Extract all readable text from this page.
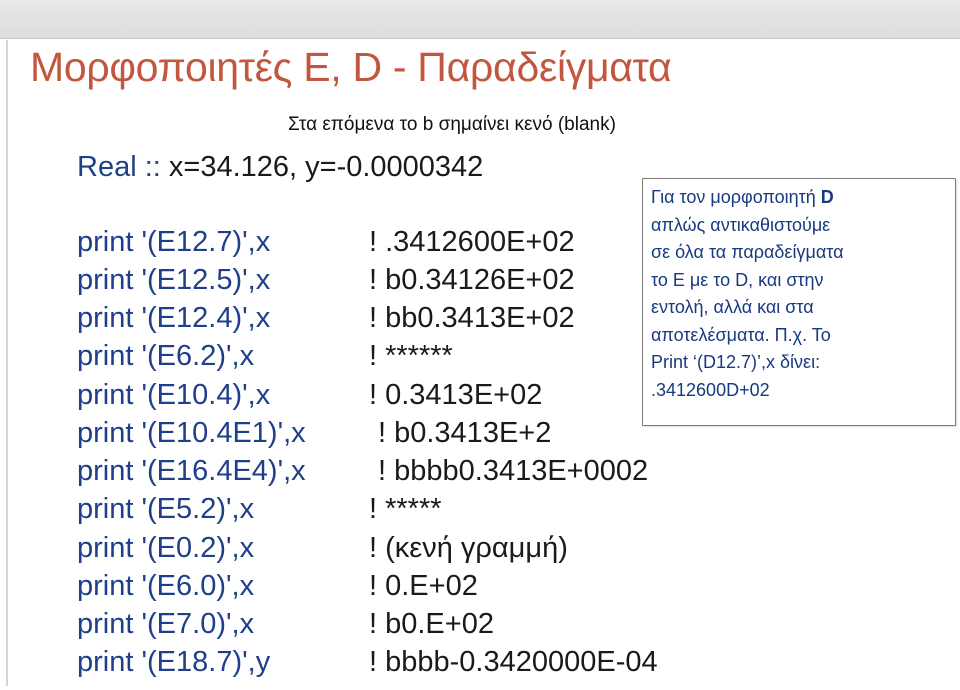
Μορφοποιητές E, D - Παραδείγματα
Στα επόμενα το b σημαίνει κενό (blank)
Real :: x=34.126, y=-0.0000342
print '(E12.7)',x	! .3412600E+02
print '(E12.5)',x	! b0.34126E+02
print '(E12.4)',x	! bb0.3413E+02
print '(E6.2)',x	! ******
print '(E10.4)',x	! 0.3413E+02
print '(E10.4E1)',x ! b0.3413E+2
print '(E16.4E4)',x ! bbbb0.3413E+0002
print '(E5.2)',x	! *****
print '(E0.2)',x	! (κενή γραμμή)
print '(E6.0)',x	! 0.E+02
print '(E7.0)',x	! b0.E+02
print '(E18.7)',y	! bbbb-0.3420000E-04
Για τον μορφοποιητή D
απλώς αντικαθιστούμε
σε όλα τα παραδείγματα
το E με το D, και στην
εντολή, αλλά και στα
αποτελέσματα. Π.χ. Το
Print ‘(D12.7)’,x δίνει:
.3412600D+02
